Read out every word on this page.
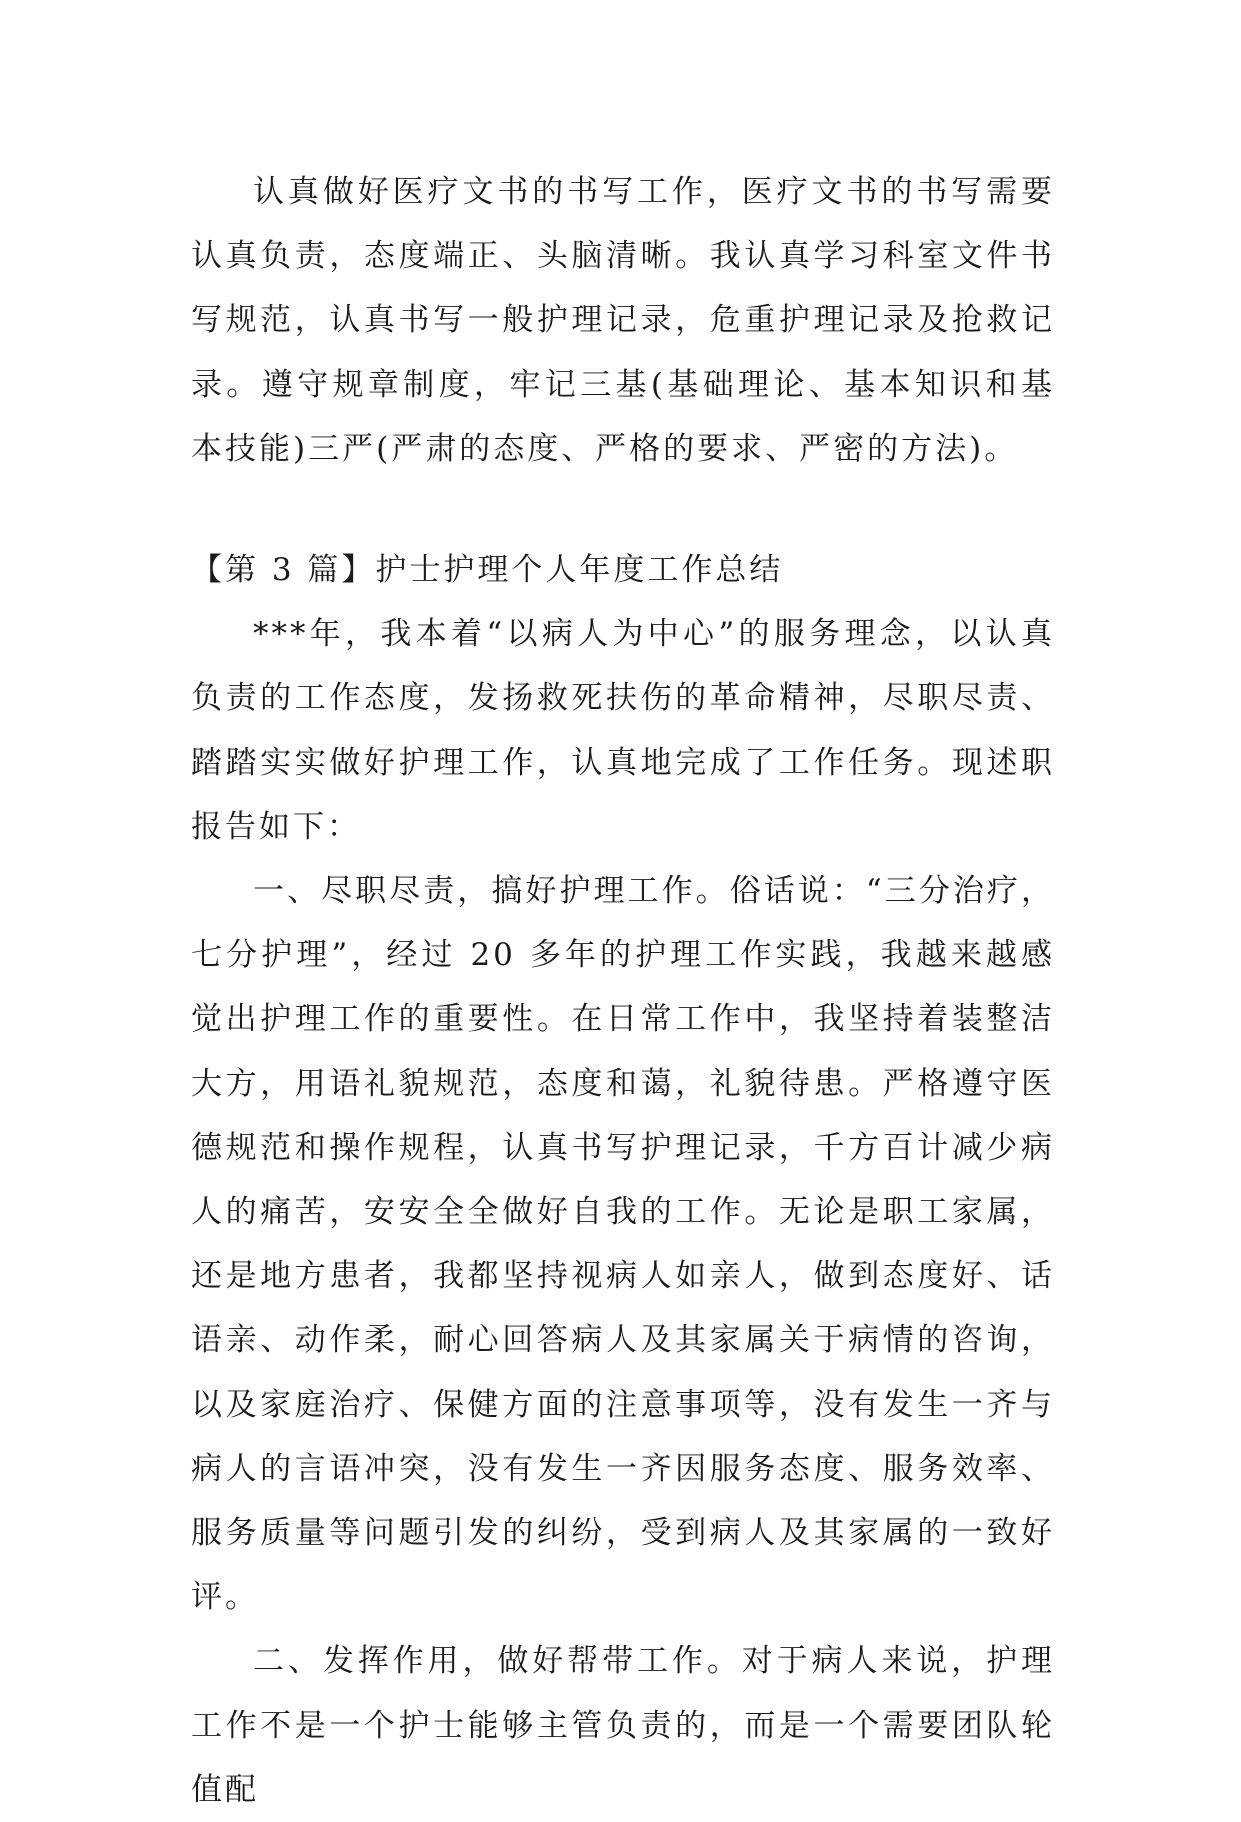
认真做好医疗文书的书写工作，医疗文书的书写需要认真负责，态度端正、头脑清晰。我认真学习科室文件书写规范，认真书写一般护理记录，危重护理记录及抢救记录。遵守规章制度，牢记三基(基础理论、基本知识和基本技能)三严(严肃的态度、严格的要求、严密的方法)。

【第 3 篇】护士护理个人年度工作总结

***年，我本着“以病人为中心”的服务理念，以认真负责的工作态度，发扬救死扶伤的革命精神，尽职尽责、踏踏实实做好护理工作，认真地完成了工作任务。现述职报告如下：

一、尽职尽责，搞好护理工作。俗话说：“三分治疗，七分护理”，经过 20 多年的护理工作实践，我越来越感觉出护理工作的重要性。在日常工作中，我坚持着装整洁大方，用语礼貌规范，态度和蔼，礼貌待患。严格遵守医德规范和操作规程，认真书写护理记录，千方百计减少病人的痛苦，安安全全做好自我的工作。无论是职工家属，还是地方患者，我都坚持视病人如亲人，做到态度好、话语亲、动作柔，耐心回答病人及其家属关于病情的咨询，以及家庭治疗、保健方面的注意事项等，没有发生一齐与病人的言语冲突，没有发生一齐因服务态度、服务效率、服务质量等问题引发的纠纷，受到病人及其家属的一致好评。

二、发挥作用，做好帮带工作。对于病人来说，护理工作不是一个护士能够主管负责的，而是一个需要团队轮值配
